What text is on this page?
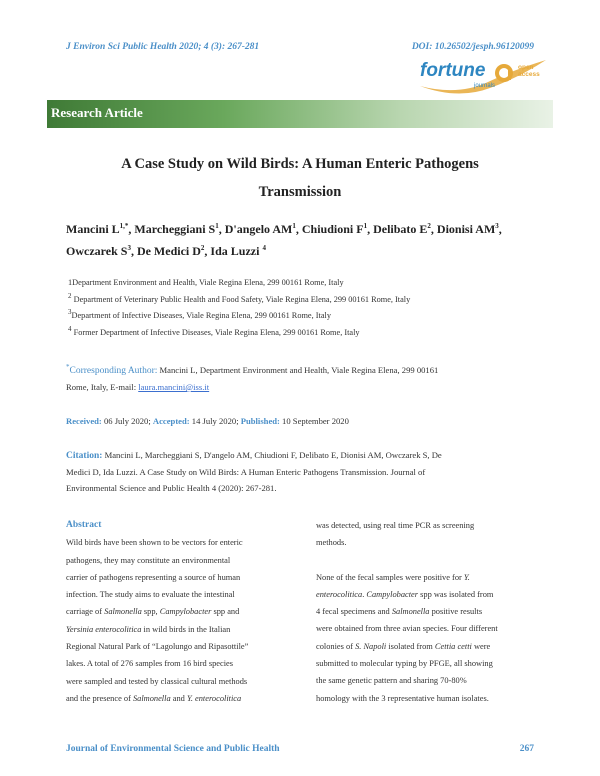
J Environ Sci Public Health 2020; 4 (3): 267-281	DOI: 10.26502/jesph.96120099
fortune
journals
open access
Research Article
A Case Study on Wild Birds: A Human Enteric Pathogens
Transmission
Mancini $L^{1,*}$, Marcheggiani $S^1$, D'angelo $AM^1$, Chiudioni $F^1$, Delibato $E^2$, Dionisi $AM^3$,
Owczarek $S^3$, De Medici $D^2$, Ida Luzzi $^4$
1Department Environment and Health, Viale Regina Elena, 299 00161 Rome, Italy
$^2$ Department of Veterinary Public Health and Food Safety, Viale Regina Elena, 299 00161 Rome, Italy
$^3$Department of Infective Diseases, Viale Regina Elena, 299 00161 Rome, Italy
$^4$ Former Department of Infective Diseases, Viale Regina Elena, 299 00161 Rome, Italy
*Corresponding Author: Mancini L, Department Environment and Health, Viale Regina Elena, 299 00161
Rome, Italy, E-mail: laura.mancini@iss.it
Received: 06 July 2020; Accepted: 14 July 2020; Published: 10 September 2020
Citation: Mancini L, Marcheggiani S, D'angelo AM, Chiudioni F, Delibato E, Dionisi AM, Owczarek S, De
Medici D, Ida Luzzi. A Case Study on Wild Birds: A Human Enteric Pathogens Transmission. Journal of
Environmental Science and Public Health 4 (2020): 267-281.
Abstract
Wild birds have been shown to be vectors for enteric
pathogens, they may constitute an environmental
carrier of pathogens representing a source of human
infection. The study aims to evaluate the intestinal
carriage of Salmonella spp, Campylobacter spp and
Yersinia enterocolitica in wild birds in the Italian
Regional Natural Park of “Lagolungo and Ripasottile”
lakes. A total of 276 samples from 16 bird species
were sampled and tested by classical cultural methods
and the presence of Salmonella and Y. enterocolitica
was detected, using real time PCR as screening
methods.
None of the fecal samples were positive for Y.
enterocolitica. Campylobacter spp was isolated from
4 fecal specimens and Salmonella positive results
were obtained from three avian species. Four different
colonies of S. Napoli isolated from Cettia cetti were
submitted to molecular typing by PFGE, all showing
the same genetic pattern and sharing 70-80%
homology with the 3 representative human isolates.
Journal of Environmental Science and Public Health	267
